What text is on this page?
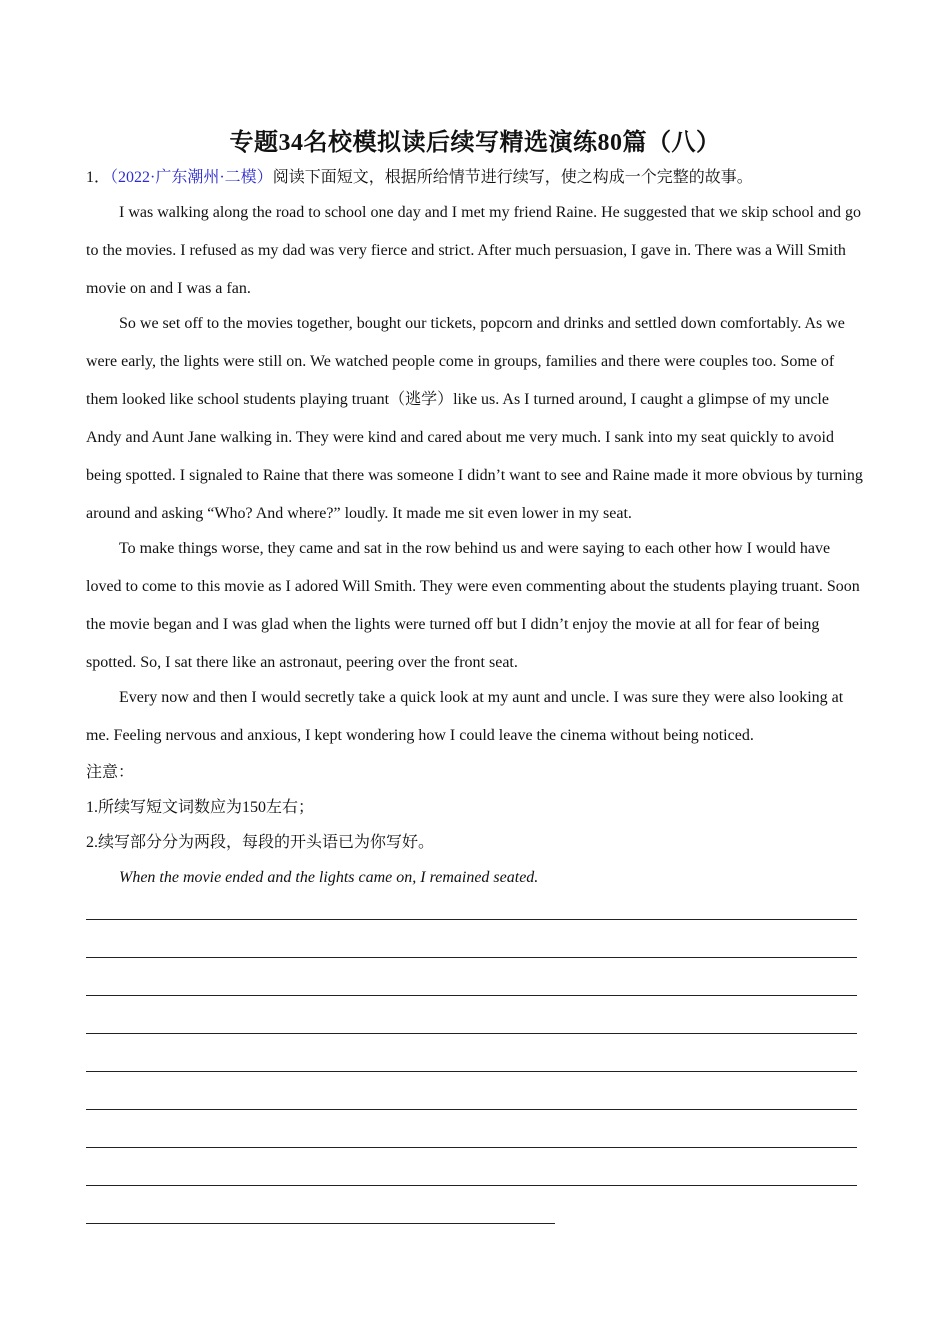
专题34名校模拟读后续写精选演练80篇（八）
1．（2022·广东潮州·二模）阅读下面短文，根据所给情节进行续写，使之构成一个完整的故事。
I was walking along the road to school one day and I met my friend Raine. He suggested that we skip school and go to the movies. I refused as my dad was very fierce and strict. After much persuasion, I gave in. There was a Will Smith movie on and I was a fan.
So we set off to the movies together, bought our tickets, popcorn and drinks and settled down comfortably. As we were early, the lights were still on. We watched people come in groups, families and there were couples too. Some of them looked like school students playing truant（逃学）like us. As I turned around, I caught a glimpse of my uncle Andy and Aunt Jane walking in. They were kind and cared about me very much. I sank into my seat quickly to avoid being spotted. I signaled to Raine that there was someone I didn’t want to see and Raine made it more obvious by turning around and asking “Who? And where?” loudly. It made me sit even lower in my seat.
To make things worse, they came and sat in the row behind us and were saying to each other how I would have loved to come to this movie as I adored Will Smith. They were even commenting about the students playing truant. Soon the movie began and I was glad when the lights were turned off but I didn’t enjoy the movie at all for fear of being spotted. So, I sat there like an astronaut, peering over the front seat.
Every now and then I would secretly take a quick look at my aunt and uncle. I was sure they were also looking at me. Feeling nervous and anxious, I kept wondering how I could leave the cinema without being noticed.
注意：
1.所续写短文词数应为150左右；
2.续写部分分为两段，每段的开头语已为你写好。
When the movie ended and the lights came on, I remained seated.
